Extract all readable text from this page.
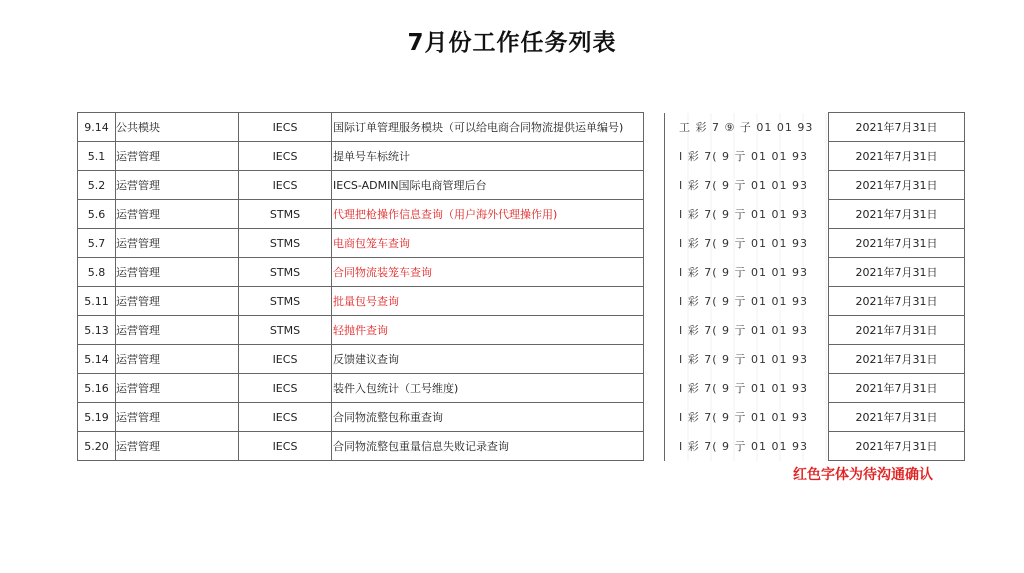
7月份工作任务列表
9.14	公共模块	IECS	国际订单管理服务模块（可以给电商合同物流提供运单编号)		工 彩 7 ⑨ 子 01 01 93	2021年7月31日
5.1	运营管理	IECS	提单号车标统计		I 彩 7( 9 亍 01 01 93	2021年7月31日
5.2	运营管理	IECS	IECS-ADMIN国际电商管理后台		I 彩 7( 9 亍 01 01 93	2021年7月31日
5.6	运营管理	STMS	代理把枪操作信息查询（用户海外代理操作用)		I 彩 7( 9 亍 01 01 93	2021年7月31日
5.7	运营管理	STMS	电商包笼车查询		I 彩 7( 9 亍 01 01 93	2021年7月31日
5.8	运营管理	STMS	合同物流装笼车查询		I 彩 7( 9 亍 01 01 93	2021年7月31日
5.11	运营管理	STMS	批量包号查询		I 彩 7( 9 亍 01 01 93	2021年7月31日
5.13	运营管理	STMS	轻抛件查询		I 彩 7( 9 亍 01 01 93	2021年7月31日
5.14	运营管理	IECS	反馈建议查询		I 彩 7( 9 亍 01 01 93	2021年7月31日
5.16	运营管理	IECS	装件入包统计（工号维度)		I 彩 7( 9 亍 01 01 93	2021年7月31日
5.19	运营管理	IECS	合同物流整包称重查询		I 彩 7( 9 亍 01 01 93	2021年7月31日
5.20	运营管理	IECS	合同物流整包重量信息失败记录查询		I 彩 7( 9 亍 01 01 93	2021年7月31日
红色字体为待沟通确认
